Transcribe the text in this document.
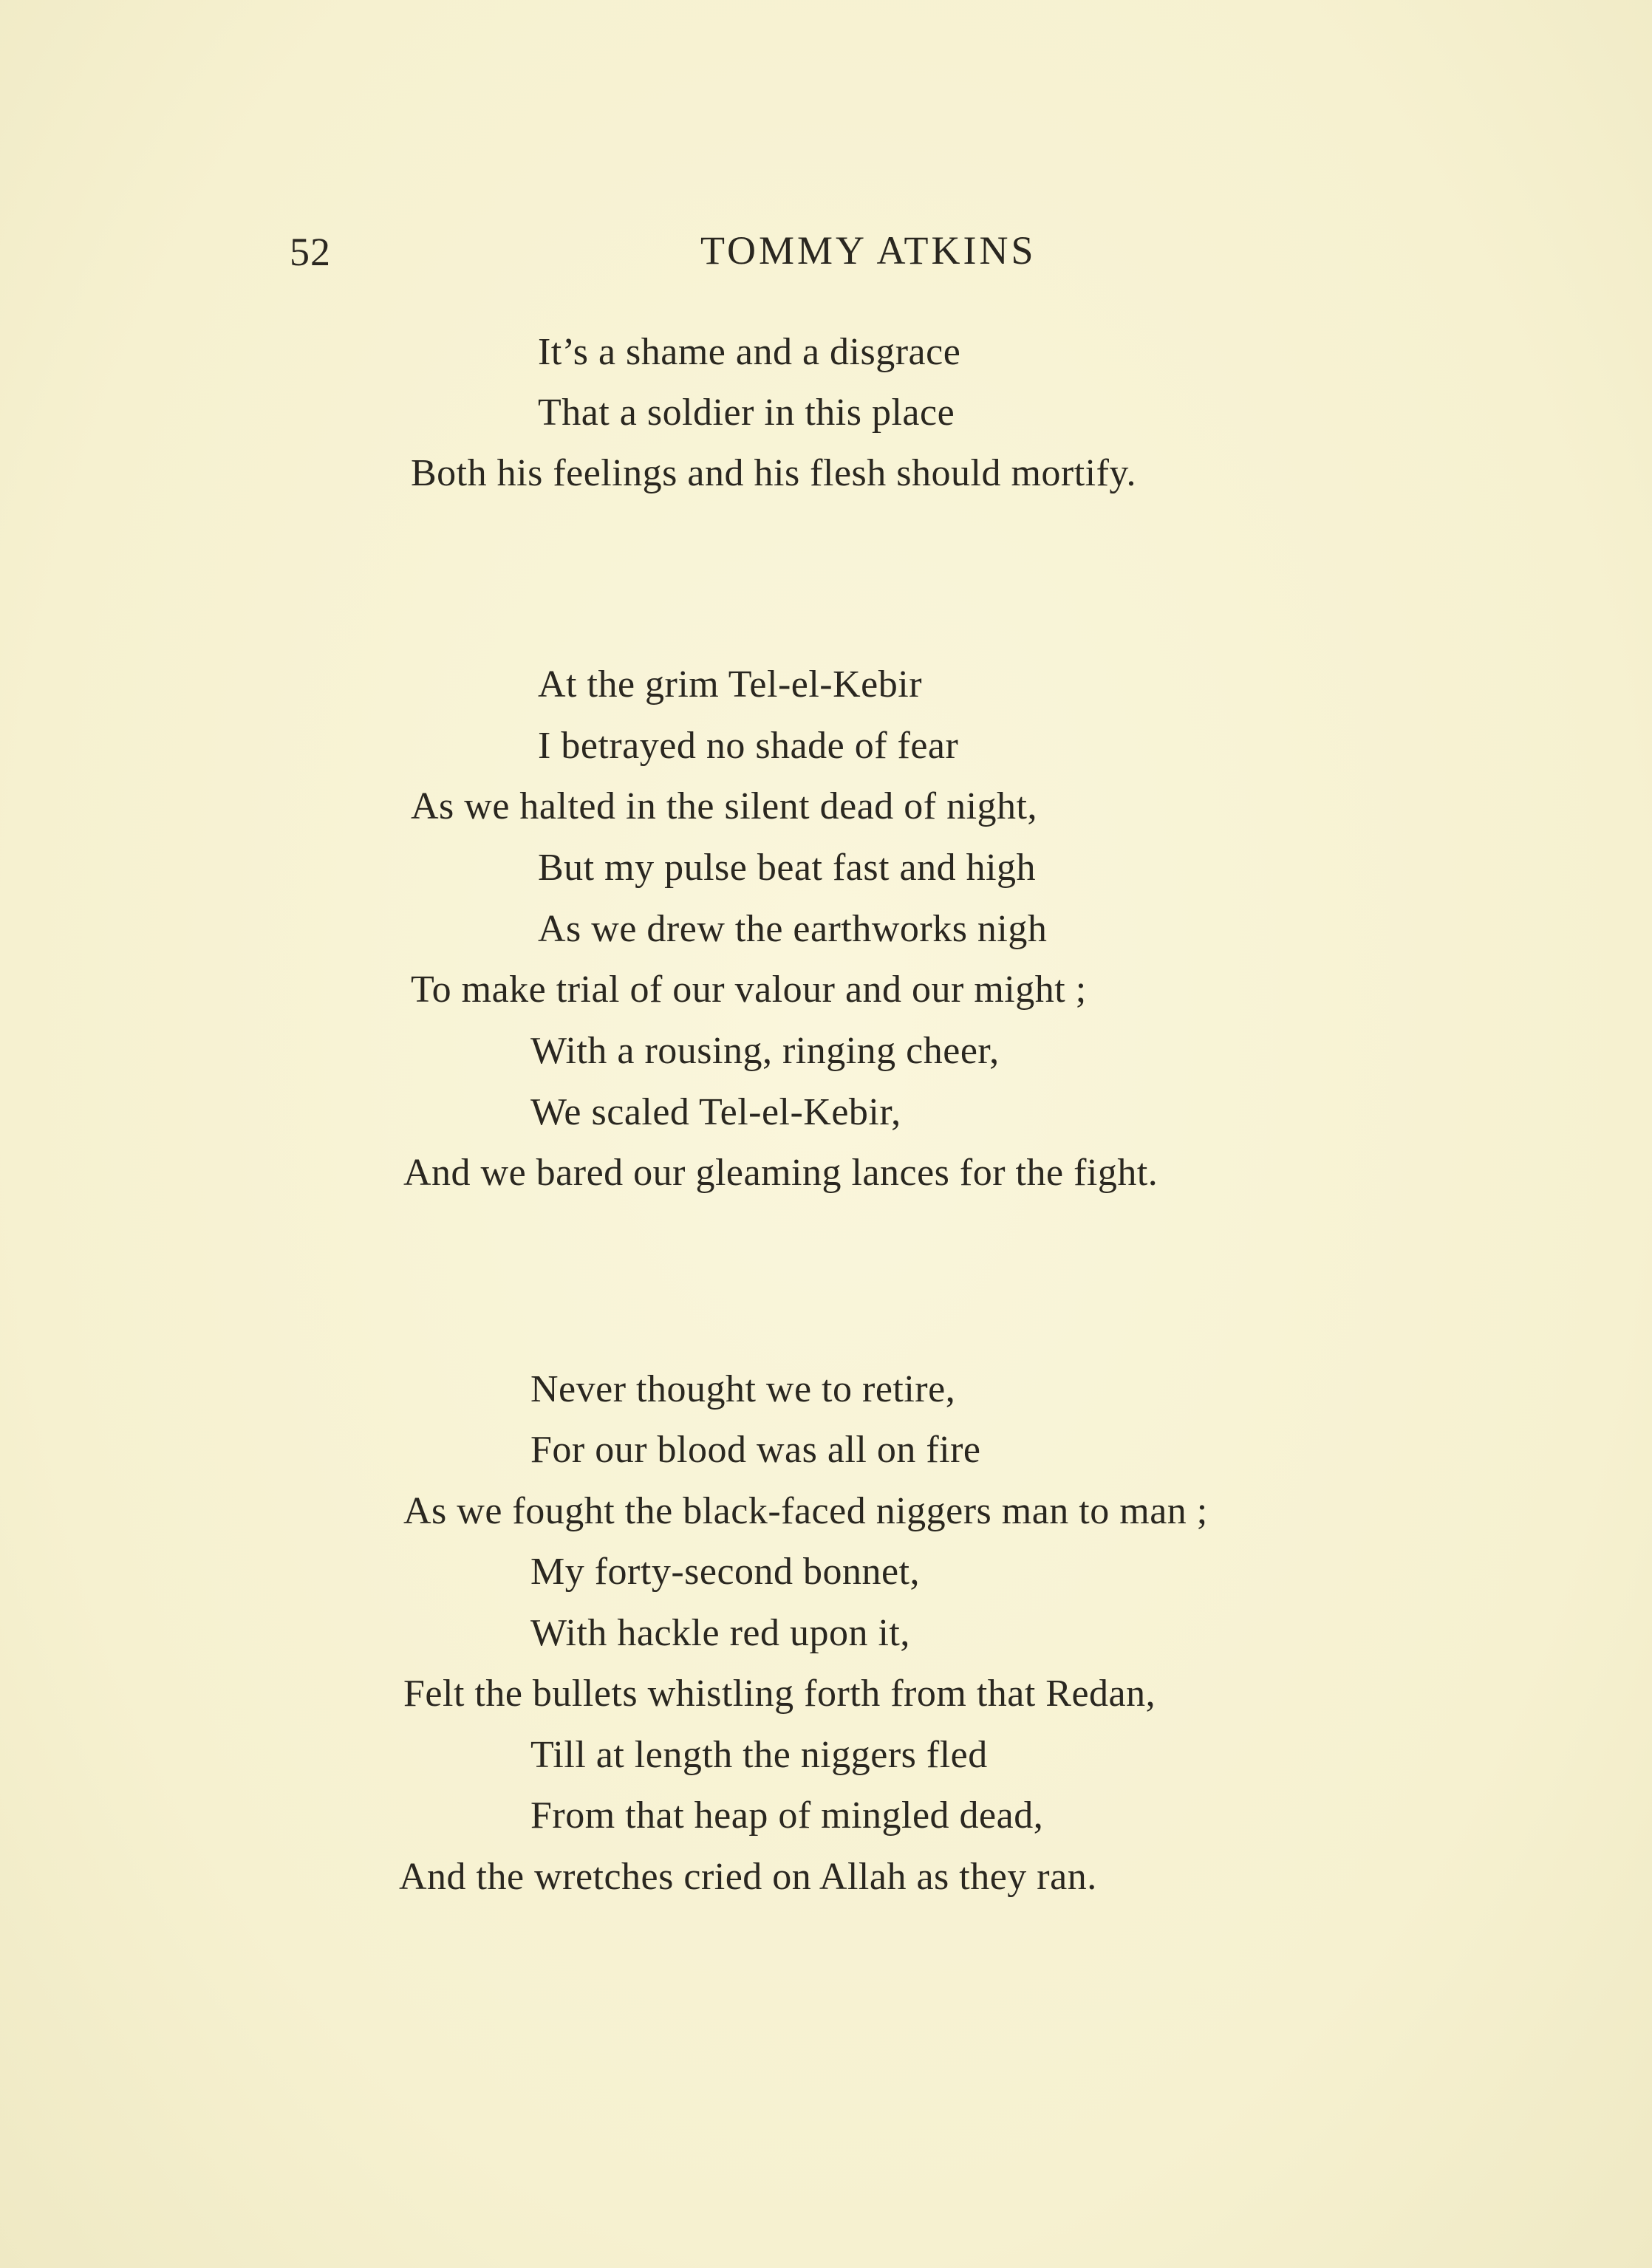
52	TOMMY ATKINS
It’s a shame and a disgrace
That a soldier in this place
Both his feelings and his flesh should mortify.
At the grim Tel-el-Kebir
I betrayed no shade of fear
As we halted in the silent dead of night,
But my pulse beat fast and high
As we drew the earthworks nigh
To make trial of our valour and our might ;
With a rousing, ringing cheer,
We scaled Tel-el-Kebir,
And we bared our gleaming lances for the fight.
Never thought we to retire,
For our blood was all on fire
As we fought the black-faced niggers man to man ;
My forty-second bonnet,
With hackle red upon it,
Felt the bullets whistling forth from that Redan,
Till at length the niggers fled
From that heap of mingled dead,
And the wretches cried on Allah as they ran.
